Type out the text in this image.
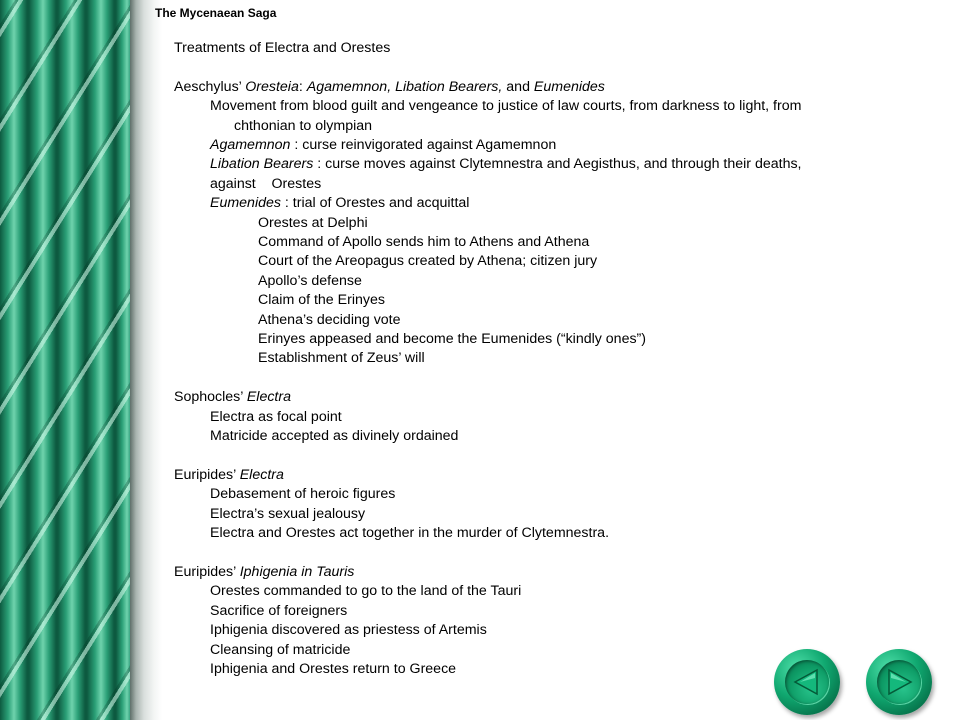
The Mycenaean Saga

Treatments of Electra and Orestes

Aeschylus’ Oresteia: Agamemnon, Libation Bearers, and Eumenides

Movement from blood guilt and vengeance to justice of law courts, from darkness to light, from

chthonian to olympian

Agamemnon : curse reinvigorated against Agamemnon

Libation Bearers : curse moves against Clytemnestra and Aegisthus, and through their deaths,

against    Orestes

Eumenides : trial of Orestes and acquittal

Orestes at Delphi

Command of Apollo sends him to Athens and Athena

Court of the Areopagus created by Athena; citizen jury

Apollo’s defense

Claim of the Erinyes

Athena’s deciding vote

Erinyes appeased and become the Eumenides (“kindly ones”)

Establishment of Zeus’ will

Sophocles’ Electra

Electra as focal point

Matricide accepted as divinely ordained

Euripides’ Electra

Debasement of heroic figures

Electra’s sexual jealousy

Electra and Orestes act together in the murder of Clytemnestra.

Euripides’ Iphigenia in Tauris

Orestes commanded to go to the land of the Tauri

Sacrifice of foreigners

Iphigenia discovered as priestess of Artemis

Cleansing of matricide

Iphigenia and Orestes return to Greece
